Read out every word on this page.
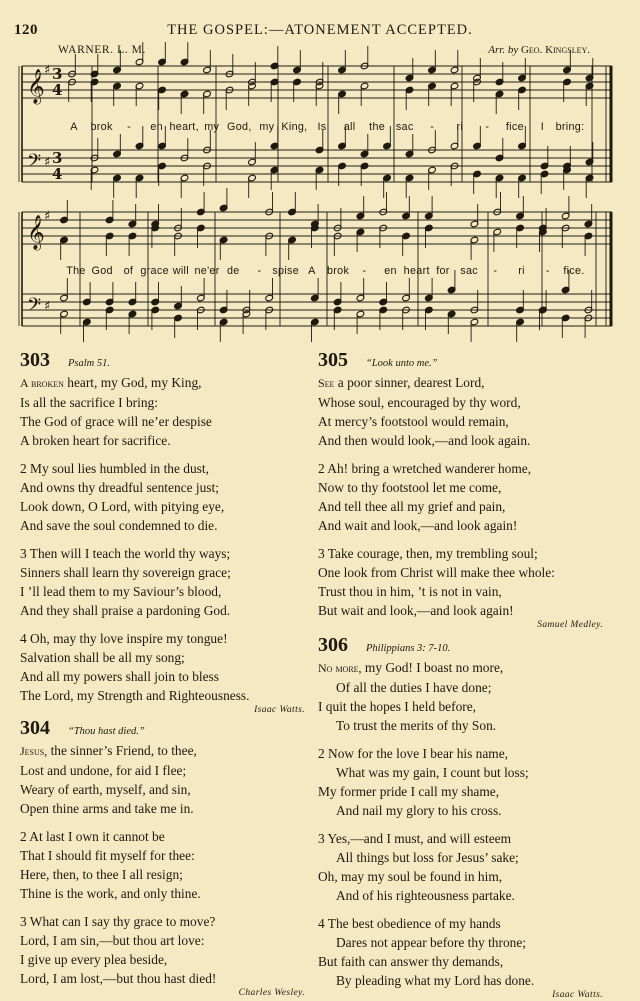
120	THE GOSPEL:—ATONEMENT ACCEPTED.
WARNER. L. M.	Arr. by Geo. Kingsley.
𝄞 ♯
𝄢 ♯
𝄞 ♯
𝄢 ♯
3
4
3
4
A brok - en heart, my God, my King, Is all the sac - ri - fice I bring:
The God of grace will ne'er de - spise A brok - en heart for sac - ri - fice.
303 Psalm 51.
A broken heart, my God, my King,
Is all the sacrifice I bring:
The God of grace will ne’er despise
A broken heart for sacrifice.
2 My soul lies humbled in the dust,
And owns thy dreadful sentence just;
Look down, O Lord, with pitying eye,
And save the soul condemned to die.
3 Then will I teach the world thy ways;
Sinners shall learn thy sovereign grace;
I ’ll lead them to my Saviour’s blood,
And they shall praise a pardoning God.
4 Oh, may thy love inspire my tongue!
Salvation shall be all my song;
And all my powers shall join to bless
The Lord, my Strength and Righteousness.
Isaac Watts.
304 “Thou hast died.”
Jesus, the sinner’s Friend, to thee,
Lost and undone, for aid I flee;
Weary of earth, myself, and sin,
Open thine arms and take me in.
2 At last I own it cannot be
That I should fit myself for thee:
Here, then, to thee I all resign;
Thine is the work, and only thine.
3 What can I say thy grace to move?
Lord, I am sin,—but thou art love:
I give up every plea beside,
Lord, I am lost,—but thou hast died!
Charles Wesley.
305 “Look unto me.”
See a poor sinner, dearest Lord,
Whose soul, encouraged by thy word,
At mercy’s footstool would remain,
And then would look,—and look again.
2 Ah! bring a wretched wanderer home,
Now to thy footstool let me come,
And tell thee all my grief and pain,
And wait and look,—and look again!
3 Take courage, then, my trembling soul;
One look from Christ will make thee whole:
Trust thou in him, ’t is not in vain,
But wait and look,—and look again!
Samuel Medley.
306 Philippians 3: 7-10.
No more, my God! I boast no more,
Of all the duties I have done;
I quit the hopes I held before,
To trust the merits of thy Son.
2 Now for the love I bear his name,
What was my gain, I count but loss;
My former pride I call my shame,
And nail my glory to his cross.
3 Yes,—and I must, and will esteem
All things but loss for Jesus’ sake;
Oh, may my soul be found in him,
And of his righteousness partake.
4 The best obedience of my hands
Dares not appear before thy throne;
But faith can answer thy demands,
By pleading what my Lord has done.
Isaac Watts.
